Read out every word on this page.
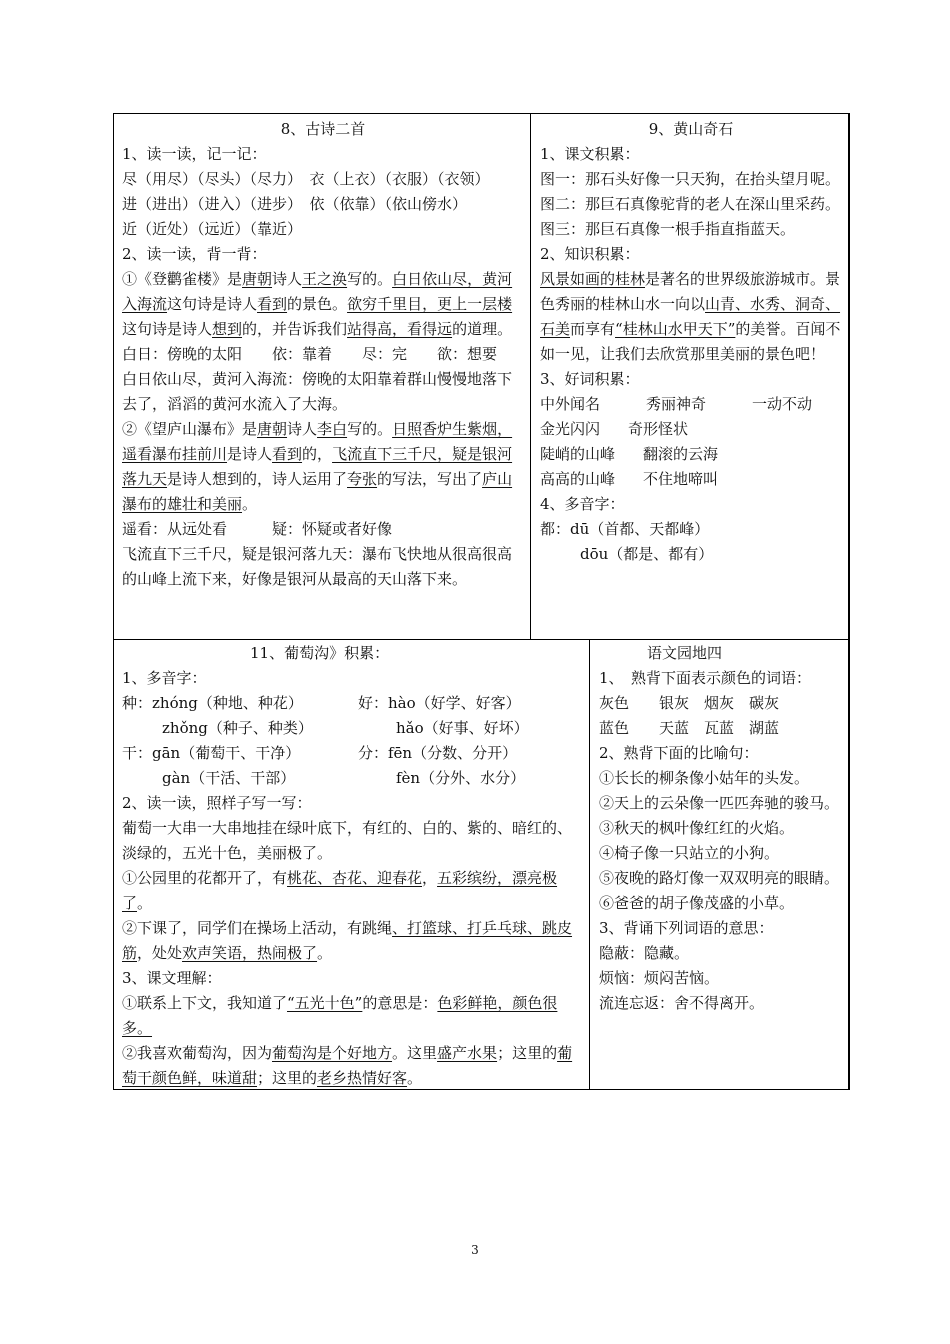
8、古诗二首

1、读一读，记一记：

尽（用尽）（尽头）（尽力）　 衣（上衣）（衣服）（衣领）

进（进出）（进入）（进步）　 依（依靠）（依山傍水）

近（近处）（远近）（靠近）

2、读一读，背一背：

①《登鹳雀楼》是唐朝诗人王之涣写的。白日依山尽，黄河入海流这句诗是诗人看到的景色。欲穷千里目，更上一层楼这句诗是诗人想到的，并告诉我们站得高，看得远的道理。

白日：傍晚的太阳　　依：靠着　　尽：完　　欲：想要

白日依山尽，黄河入海流：傍晚的太阳靠着群山慢慢地落下去了，滔滔的黄河水流入了大海。

②《望庐山瀑布》是唐朝诗人李白写的。日照香炉生紫烟，遥看瀑布挂前川是诗人看到的，飞流直下三千尺，疑是银河落九天是诗人想到的，诗人运用了夸张的写法，写出了庐山瀑布的雄壮和美丽。

遥看：从远处看　　　疑：怀疑或者好像

飞流直下三千尺，疑是银河落九天：瀑布飞快地从很高很高的山峰上流下来，好像是银河从最高的天山落下来。

9、黄山奇石

1、课文积累：

图一：那石头好像一只天狗，在抬头望月呢。

图二：那巨石真像驼背的老人在深山里采药。

图三：那巨石真像一根手指直指蓝天。

2、知识积累：

风景如画的桂林是著名的世界级旅游城市。景色秀丽的桂林山水一向以山青、水秀、洞奇、石美而享有“桂林山水甲天下”的美誉。百闻不如一见，让我们去欣赏那里美丽的景色吧！

3、好词积累：

中外闻名	秀丽神奇	一动不动

金光闪闪 奇形怪状

陡峭的山峰 翻滚的云海

高高的山峰 不住地啼叫

4、多音字：

都：dū（首都、天都峰）

dōu（都是、都有）

11、葡萄沟》积累：

1、多音字：

种：zhóng（种地、种花）	好：hào（好学、好客）

zhǒng（种子、种类）	hǎo（好事、好坏）

干：gān（葡萄干、干净）	分：fēn（分数、分开）

gàn（干活、干部）	fèn（分外、水分）

2、读一读，照样子写一写：

葡萄一大串一大串地挂在绿叶底下，有红的、白的、紫的、暗红的、淡绿的，五光十色，美丽极了。

①公园里的花都开了，有桃花、杏花、迎春花，五彩缤纷，漂亮极了。

②下课了，同学们在操场上活动，有跳绳、打篮球、打乒乓球、跳皮筋，处处欢声笑语，热闹极了。

3、课文理解：

①联系上下文，我知道了“五光十色”的意思是：色彩鲜艳，颜色很多。

②我喜欢葡萄沟，因为葡萄沟是个好地方。这里盛产水果；这里的葡萄干颜色鲜，味道甜；这里的老乡热情好客。

语文园地四

1、　熟背下面表示颜色的词语：

灰色　　银灰　烟灰　碳灰

蓝色　　天蓝　瓦蓝　湖蓝

2、熟背下面的比喻句：

①长长的柳条像小姑年的头发。

②天上的云朵像一匹匹奔驰的骏马。

③秋天的枫叶像红红的火焰。

④椅子像一只站立的小狗。

⑤夜晚的路灯像一双双明亮的眼睛。

⑥爸爸的胡子像茂盛的小草。

3、背诵下列词语的意思：

隐蔽：隐藏。

烦恼：烦闷苦恼。

流连忘返：舍不得离开。

3
